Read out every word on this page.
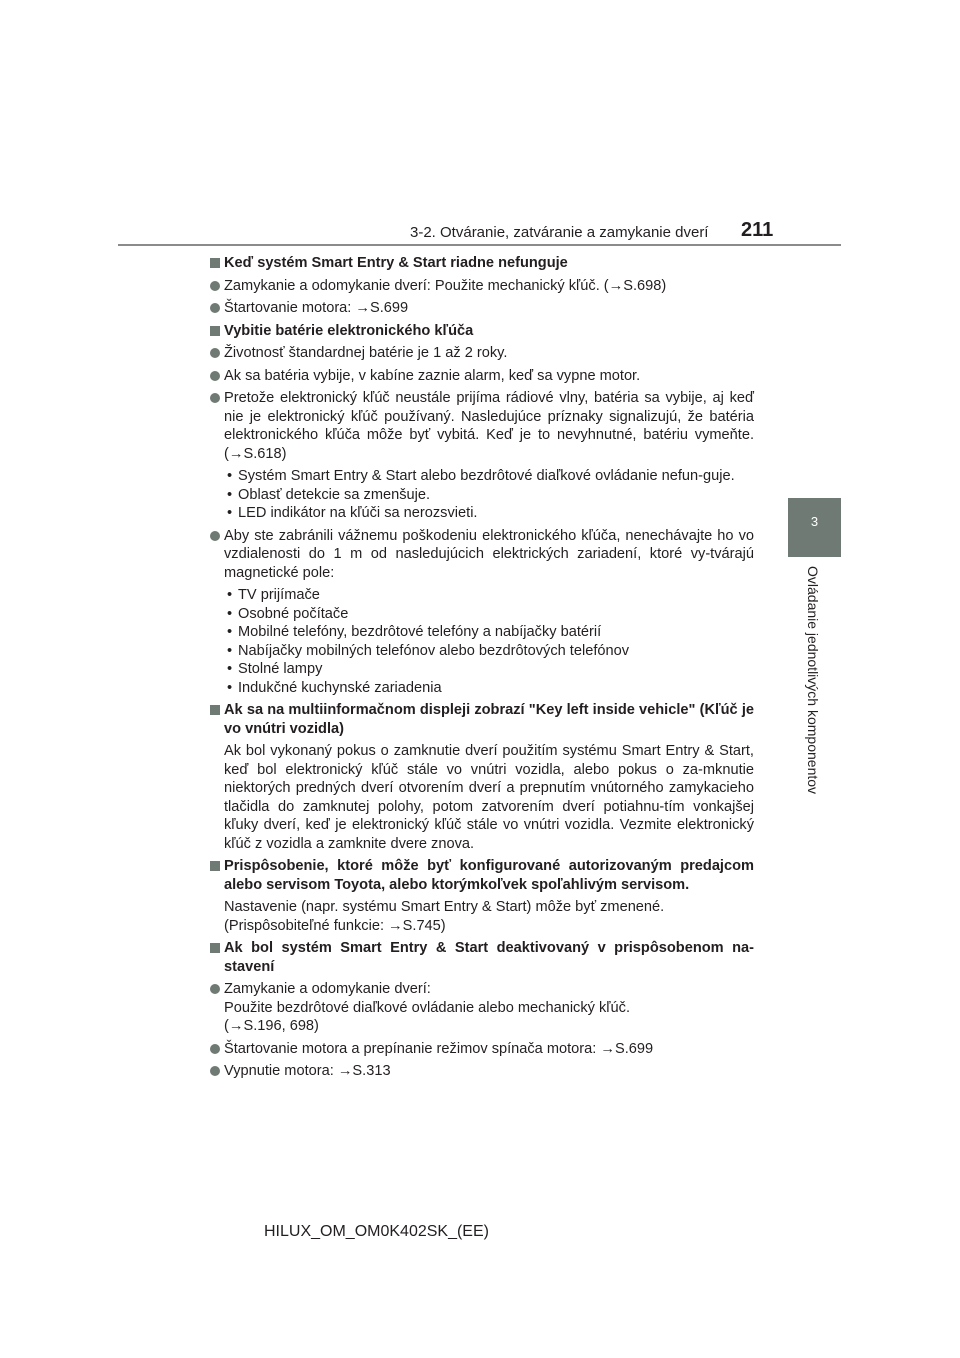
3-2. Otváranie, zatváranie a zamykanie dverí 211
3
Ovládanie jednotlivých komponentov
Keď systém Smart Entry & Start riadne nefunguje
Zamykanie a odomykanie dverí: Použite mechanický kľúč. (→S.698)
Štartovanie motora: →S.699
Vybitie batérie elektronického kľúča
Životnosť štandardnej batérie je 1 až 2 roky.
Ak sa batéria vybije, v kabíne zaznie alarm, keď sa vypne motor.
Pretože elektronický kľúč neustále prijíma rádiové vlny, batéria sa vybije, aj keď nie je elektronický kľúč používaný. Nasledujúce príznaky signalizujú, že batéria elektronického kľúča môže byť vybitá. Keď je to nevyhnutné, batériu vymeňte. (→S.618)
• Systém Smart Entry & Start alebo bezdrôtové diaľkové ovládanie nefun-guje.
• Oblasť detekcie sa zmenšuje.
• LED indikátor na kľúči sa nerozsvieti.
Aby ste zabránili vážnemu poškodeniu elektronického kľúča, nenechávajte ho vo vzdialenosti do 1 m od nasledujúcich elektrických zariadení, ktoré vy-tvárajú magnetické pole:
• TV prijímače
• Osobné počítače
• Mobilné telefóny, bezdrôtové telefóny a nabíjačky batérií
• Nabíjačky mobilných telefónov alebo bezdrôtových telefónov
• Stolné lampy
• Indukčné kuchynské zariadenia
Ak sa na multiinformačnom displeji zobrazí "Key left inside vehicle" (Kľúč je vo vnútri vozidla)
Ak bol vykonaný pokus o zamknutie dverí použitím systému Smart Entry & Start, keď bol elektronický kľúč stále vo vnútri vozidla, alebo pokus o za-mknutie niektorých predných dverí otvorením dverí a prepnutím vnútorného zamykacieho tlačidla do zamknutej polohy, potom zatvorením dverí potiahnu-tím vonkajšej kľuky dverí, keď je elektronický kľúč stále vo vnútri vozidla. Vezmite elektronický kľúč z vozidla a zamknite dvere znova.
Prispôsobenie, ktoré môže byť konfigurované autorizovaným predajcom alebo servisom Toyota, alebo ktorýmkoľvek spoľahlivým servisom.
Nastavenie (napr. systému Smart Entry & Start) môže byť zmenené.
(Prispôsobiteľné funkcie: →S.745)
Ak bol systém Smart Entry & Start deaktivovaný v prispôsobenom na-stavení
Zamykanie a odomykanie dverí:
Použite bezdrôtové diaľkové ovládanie alebo mechanický kľúč.
(→S.196, 698)
Štartovanie motora a prepínanie režimov spínača motora: →S.699
Vypnutie motora: →S.313
HILUX_OM_OM0K402SK_(EE)
